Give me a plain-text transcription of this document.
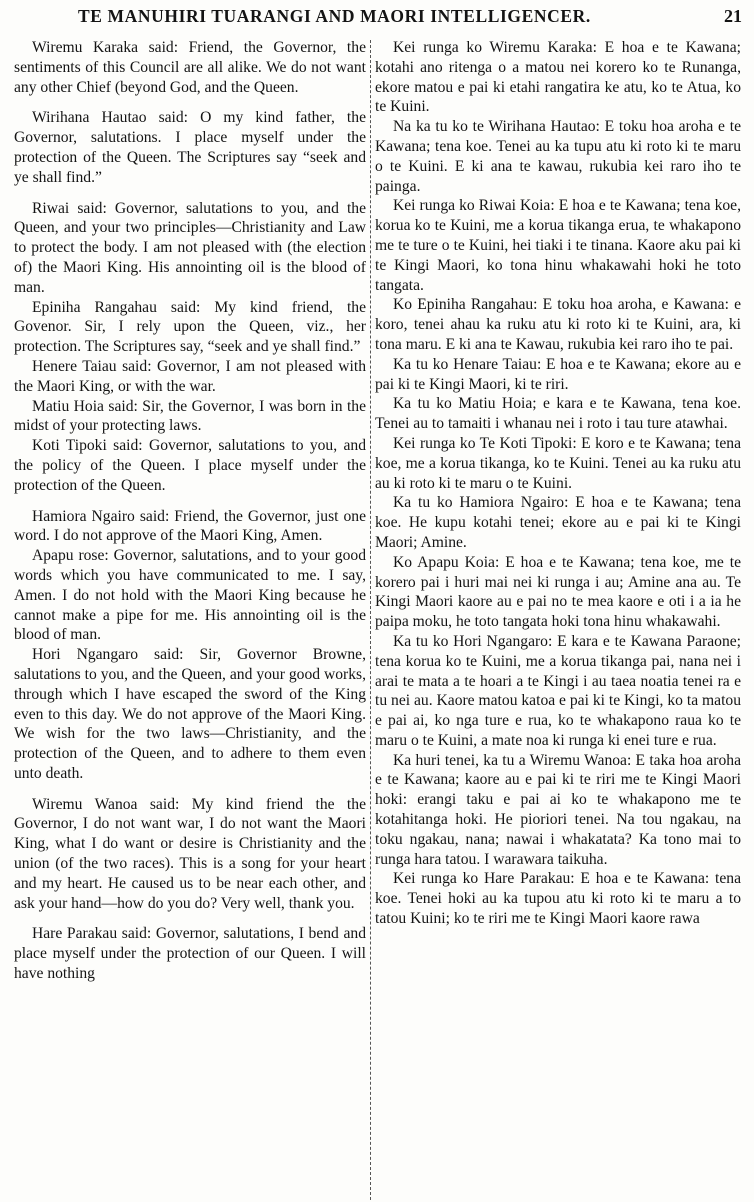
TE MANUHIRI TUARANGI AND MAORI INTELLIGENCER.	21

Wiremu Karaka said: Friend, the Governor, the sentiments of this Council are all alike. We do not want any other Chief (beyond God, and the Queen.

Wirihana Hautao said: O my kind father, the Governor, salutations. I place myself under the protection of the Queen. The Scriptures say “seek and ye shall find.”

Riwai said: Governor, salutations to you, and the Queen, and your two principles—Christianity and Law to protect the body. I am not pleased with (the election of) the Maori King. His annointing oil is the blood of man.

Epiniha Rangahau said: My kind friend, the Govenor. Sir, I rely upon the Queen, viz., her protection. The Scriptures say, “seek and ye shall find.”

Henere Taiau said: Governor, I am not pleased with the Maori King, or with the war.

Matiu Hoia said: Sir, the Governor, I was born in the midst of your protecting laws.

Koti Tipoki said: Governor, salutations to you, and the policy of the Queen. I place myself under the protection of the Queen.

Hamiora Ngairo said: Friend, the Governor, just one word. I do not approve of the Maori King, Amen.

Apapu rose: Governor, salutations, and to your good words which you have communicated to me. I say, Amen. I do not hold with the Maori King because he cannot make a pipe for me. His annointing oil is the blood of man.

Hori Ngangaro said: Sir, Governor Browne, salutations to you, and the Queen, and your good works, through which I have escaped the sword of the King even to this day. We do not approve of the Maori King. We wish for the two laws—Christianity, and the protection of the Queen, and to adhere to them even unto death.

Wiremu Wanoa said: My kind friend the the Governor, I do not want war, I do not want the Maori King, what I do want or desire is Christianity and the union (of the two races). This is a song for your heart and my heart. He caused us to be near each other, and ask your hand—how do you do? Very well, thank you.

Hare Parakau said: Governor, salutations, I bend and place myself under the protection of our Queen. I will have nothing

Kei runga ko Wiremu Karaka: E hoa e te Kawana; kotahi ano ritenga o a matou nei korero ko te Runanga, ekore matou e pai ki etahi rangatira ke atu, ko te Atua, ko te Kuini.

Na ka tu ko te Wirihana Hautao: E toku hoa aroha e te Kawana; tena koe. Tenei au ka tupu atu ki roto ki te maru o te Kuini. E ki ana te kawau, rukubia kei raro iho te painga.

Kei runga ko Riwai Koia: E hoa e te Kawana; tena koe, korua ko te Kuini, me a korua tikanga erua, te whakapono me te ture o te Kuini, hei tiaki i te tinana. Kaore aku pai ki te Kingi Maori, ko tona hinu whakawahi hoki he toto tangata.

Ko Epiniha Rangahau: E toku hoa aroha, e Kawana: e koro, tenei ahau ka ruku atu ki roto ki te Kuini, ara, ki tona maru. E ki ana te Kawau, rukubia kei raro iho te pai.

Ka tu ko Henare Taiau: E hoa e te Kawana; ekore au e pai ki te Kingi Maori, ki te riri.

Ka tu ko Matiu Hoia; e kara e te Kawana, tena koe. Tenei au to tamaiti i whanau nei i roto i tau ture atawhai.

Kei runga ko Te Koti Tipoki: E koro e te Kawana; tena koe, me a korua tikanga, ko te Kuini. Tenei au ka ruku atu au ki roto ki te maru o te Kuini.

Ka tu ko Hamiora Ngairo: E hoa e te Kawana; tena koe. He kupu kotahi tenei; ekore au e pai ki te Kingi Maori; Amine.

Ko Apapu Koia: E hoa e te Kawana; tena koe, me te korero pai i huri mai nei ki runga i au; Amine ana au. Te Kingi Maori kaore au e pai no te mea kaore e oti i a ia he paipa moku, he toto tangata hoki tona hinu whakawahi.

Ka tu ko Hori Ngangaro: E kara e te Kawana Paraone; tena korua ko te Kuini, me a korua tikanga pai, nana nei i arai te mata a te hoari a te Kingi i au taea noatia tenei ra e tu nei au. Kaore matou katoa e pai ki te Kingi, ko ta matou e pai ai, ko nga ture e rua, ko te whakapono raua ko te maru o te Kuini, a mate noa ki runga ki enei ture e rua.

Ka huri tenei, ka tu a Wiremu Wanoa: E taka hoa aroha e te Kawana; kaore au e pai ki te riri me te Kingi Maori hoki: erangi taku e pai ai ko te whakapono me te kotahitanga hoki. He pioriori tenei. Na tou ngakau, na toku ngakau, nana; nawai i whakatata? Ka tono mai to runga hara tatou. I warawara taikuha.

Kei runga ko Hare Parakau: E hoa e te Kawana: tena koe. Tenei hoki au ka tupou atu ki roto ki te maru a to tatou Kuini; ko te riri me te Kingi Maori kaore rawa
